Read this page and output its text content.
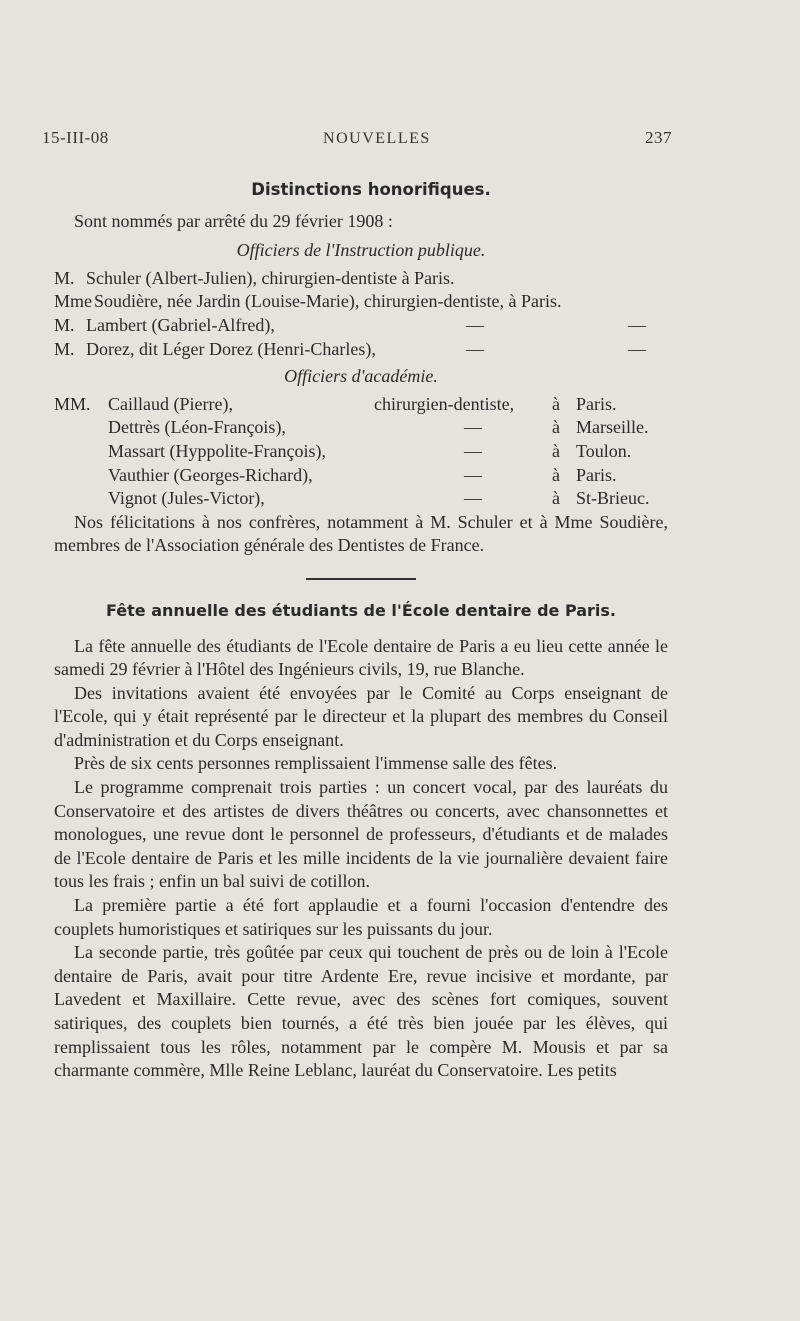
15-III-08	NOUVELLES	237
Distinctions honorifiques.

Sont nommés par arrêté du 29 février 1908 :

Officiers de l'Instruction publique.
M. Schuler (Albert-Julien), chirurgien-dentiste à Paris.
Mme Soudière, née Jardin (Louise-Marie), chirurgien-dentiste, à Paris.
M. Lambert (Gabriel-Alfred),	—	—
M. Dorez, dit Léger Dorez (Henri-Charles),	—	—
Officiers d'académie.
MM. Caillaud (Pierre),	chirurgien-dentiste, à Paris.
Dettrès (Léon-François),	—	à Marseille.
Massart (Hyppolite-François),	—	à Toulon.
Vauthier (Georges-Richard),	—	à Paris.
Vignot (Jules-Victor),	—	à St-Brieuc.

Nos félicitations à nos confrères, notamment à M. Schuler et à Mme Soudière, membres de l'Association générale des Dentistes de France.

Fête annuelle des étudiants de l'École dentaire de Paris.

La fête annuelle des étudiants de l'Ecole dentaire de Paris a eu lieu cette année le samedi 29 février à l'Hôtel des Ingénieurs civils, 19, rue Blanche.

Des invitations avaient été envoyées par le Comité au Corps enseignant de l'Ecole, qui y était représenté par le directeur et la plupart des membres du Conseil d'administration et du Corps enseignant.

Près de six cents personnes remplissaient l'immense salle des fêtes.

Le programme comprenait trois parties : un concert vocal, par des lauréats du Conservatoire et des artistes de divers théâtres ou concerts, avec chansonnettes et monologues, une revue dont le personnel de professeurs, d'étudiants et de malades de l'Ecole dentaire de Paris et les mille incidents de la vie journalière devaient faire tous les frais ; enfin un bal suivi de cotillon.

La première partie a été fort applaudie et a fourni l'occasion d'entendre des couplets humoristiques et satiriques sur les puissants du jour.

La seconde partie, très goûtée par ceux qui touchent de près ou de loin à l'Ecole dentaire de Paris, avait pour titre Ardente Ere, revue incisive et mordante, par Lavedent et Maxillaire. Cette revue, avec des scènes fort comiques, souvent satiriques, des couplets bien tournés, a été très bien jouée par les élèves, qui remplissaient tous les rôles, notamment par le compère M. Mousis et par sa charmante commère, Mlle Reine Leblanc, lauréat du Conservatoire. Les petits
